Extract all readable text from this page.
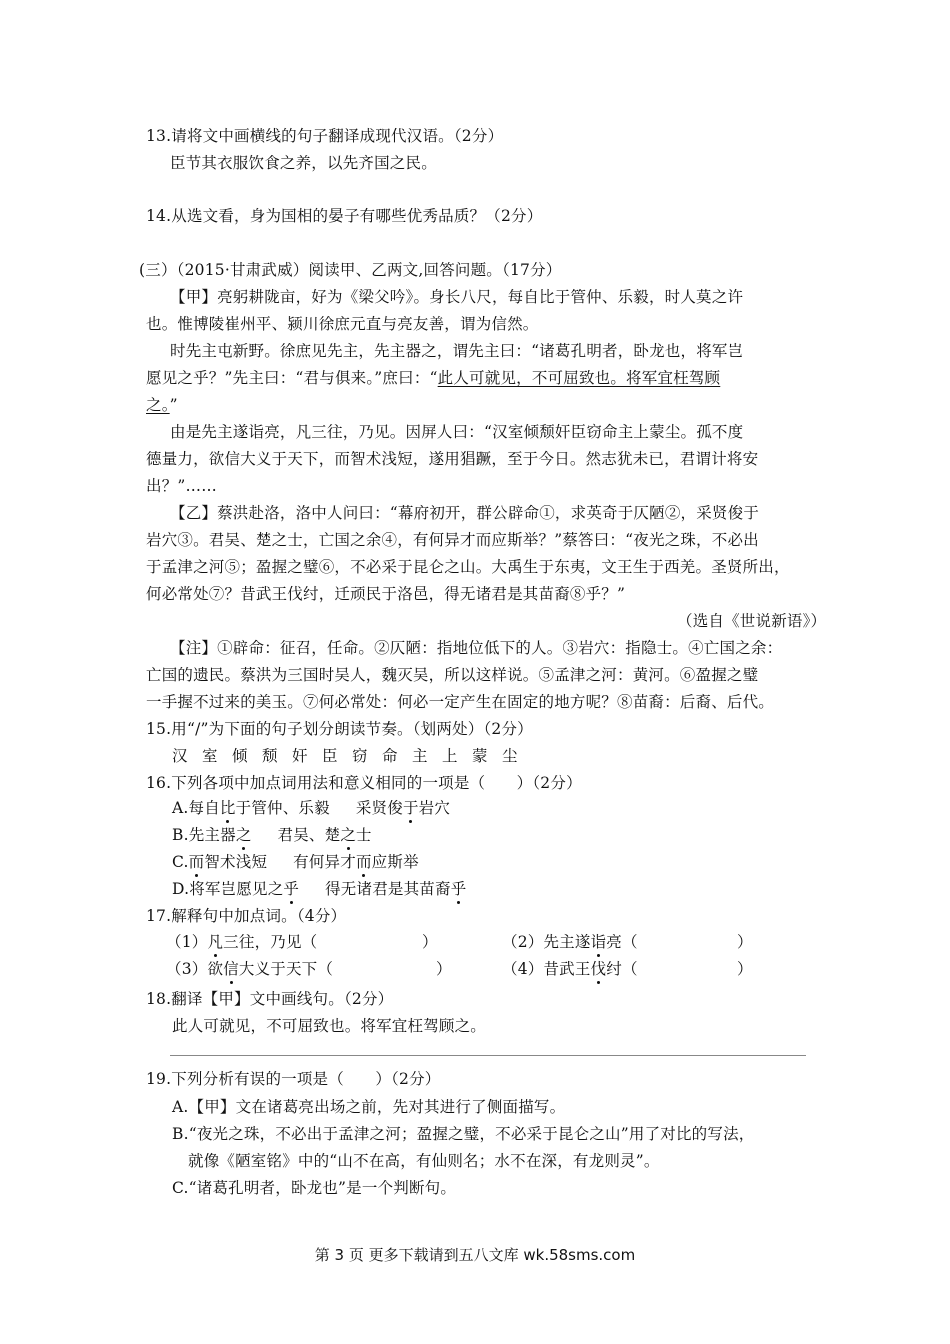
13.请将文中画横线的句子翻译成现代汉语。（2分）
臣节其衣服饮食之养，以先齐国之民。
14.从选文看，身为国相的晏子有哪些优秀品质？（2分）
(三）（2015·甘肃武威）阅读甲、乙两文,回答问题。（17分）
【甲】亮躬耕陇亩，好为《梁父吟》。身长八尺，每自比于管仲、乐毅，时人莫之许
也。惟博陵崔州平、颍川徐庶元直与亮友善，谓为信然。
时先主屯新野。徐庶见先主，先主器之，谓先主曰：“诸葛孔明者，卧龙也，将军岂
愿见之乎？”先主曰：“君与俱来。”庶曰：“此人可就见，不可屈致也。将军宜枉驾顾
之。”
由是先主遂诣亮，凡三往，乃见。因屏人曰：“汉室倾颓奸臣窃命主上蒙尘。孤不度
德量力，欲信大义于天下，而智术浅短，遂用猖蹶，至于今日。然志犹未已，君谓计将安
出？”……
【乙】蔡洪赴洛，洛中人问曰：“幕府初开，群公辟命①，求英奇于仄陋②，采贤俊于
岩穴③。君吴、楚之士，亡国之余④，有何异才而应斯举？”蔡答曰：“夜光之珠，不必出
于孟津之河⑤；盈握之璧⑥，不必采于昆仑之山。大禹生于东夷，文王生于西羌。圣贤所出，
何必常处⑦？昔武王伐纣，迁顽民于洛邑，得无诸君是其苗裔⑧乎？”
（选自《世说新语》）
【注】①辟命：征召，任命。②仄陋：指地位低下的人。③岩穴：指隐士。④亡国之余：
亡国的遗民。蔡洪为三国时吴人，魏灭吴，所以这样说。⑤孟津之河：黄河。⑥盈握之璧
一手握不过来的美玉。⑦何必常处：何必一定产生在固定的地方呢？⑧苗裔：后裔、后代。
15.用“/”为下面的句子划分朗读节奏。（划两处）（2分）
汉 室 倾 颓 奸 臣 窃 命 主 上 蒙 尘
16.下列各项中加点词用法和意义相同的一项是（　　）（2分）
A.每自比于管仲、乐毅 采贤俊于岩穴
B.先主器之 君吴、楚之士
C.而智术浅短 有何异才而应斯举
D.将军岂愿见之乎 得无诸君是其苗裔乎
17.解释句中加点词。（4分）
（1）凡三往，乃见（	）	（2）先主遂诣亮（	）
（3）欲信大义于天下（	）	（4）昔武王伐纣（	）
18.翻译【甲】文中画线句。（2分）
此人可就见，不可屈致也。将军宜枉驾顾之。
19.下列分析有误的一项是（　　）（2分）
A.【甲】文在诸葛亮出场之前，先对其进行了侧面描写。
B.“夜光之珠，不必出于孟津之河；盈握之璧，不必采于昆仑之山”用了对比的写法，
就像《陋室铭》中的“山不在高，有仙则名；水不在深，有龙则灵”。
C.“诸葛孔明者，卧龙也”是一个判断句。
第 3 页 更多下载请到五八文库 wk.58sms.com
